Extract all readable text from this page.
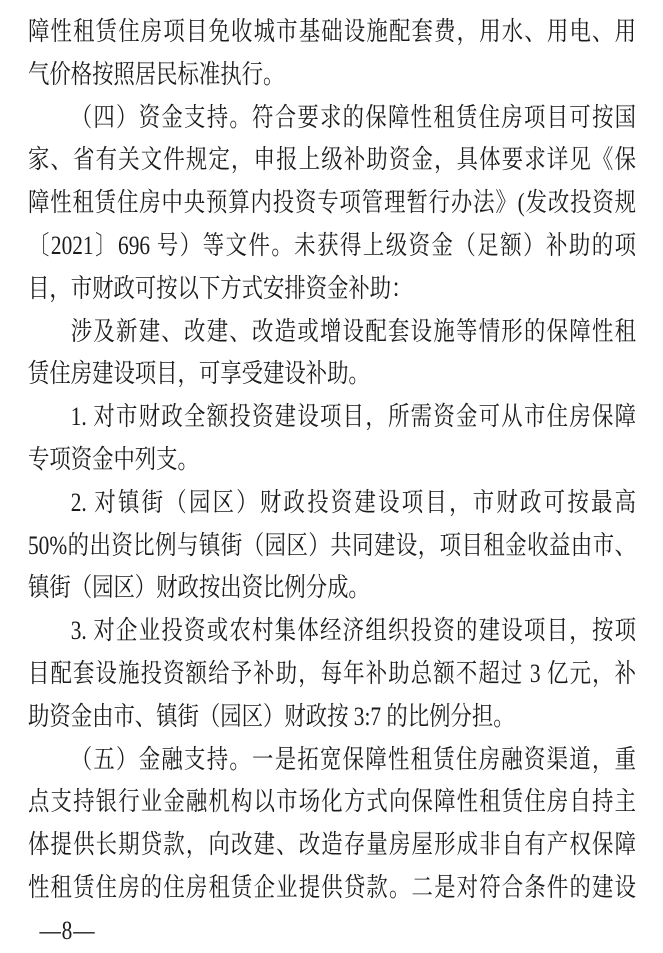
障性租赁住房项目免收城市基础设施配套费，用水、用电、用
气价格按照居民标准执行。
（四）资金支持。符合要求的保障性租赁住房项目可按国
家、省有关文件规定，申报上级补助资金，具体要求详见《保
障性租赁住房中央预算内投资专项管理暂行办法》(发改投资规
〔2021〕696 号）等文件。未获得上级资金（足额）补助的项
目，市财政可按以下方式安排资金补助：
涉及新建、改建、改造或增设配套设施等情形的保障性租
赁住房建设项目，可享受建设补助。
1. 对市财政全额投资建设项目，所需资金可从市住房保障
专项资金中列支。
2. 对镇街（园区）财政投资建设项目，市财政可按最高
50%的出资比例与镇街（园区）共同建设，项目租金收益由市、
镇街（园区）财政按出资比例分成。
3. 对企业投资或农村集体经济组织投资的建设项目，按项
目配套设施投资额给予补助，每年补助总额不超过 3 亿元，补
助资金由市、镇街（园区）财政按 3:7 的比例分担。
（五）金融支持。一是拓宽保障性租赁住房融资渠道，重
点支持银行业金融机构以市场化方式向保障性租赁住房自持主
体提供长期贷款，向改建、改造存量房屋形成非自有产权保障
性租赁住房的住房租赁企业提供贷款。二是对符合条件的建设
—8—
